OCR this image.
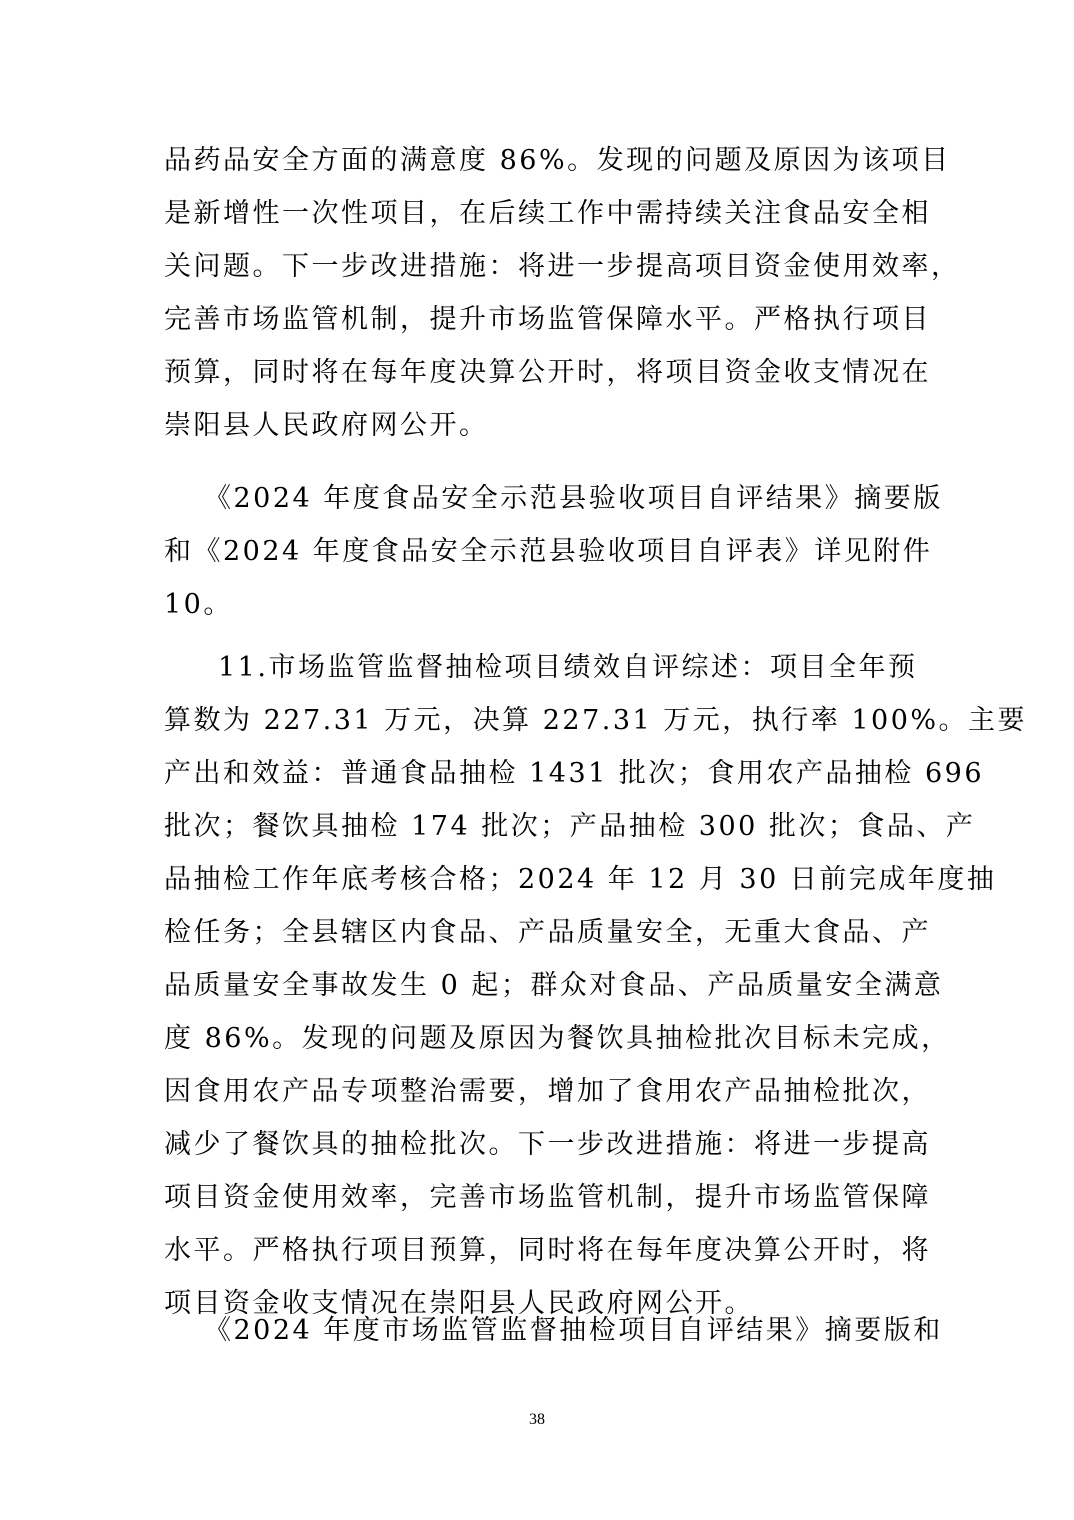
品药品安全方面的满意度 86%。发现的问题及原因为该项目
是新增性一次性项目，在后续工作中需持续关注食品安全相
关问题。下一步改进措施：将进一步提高项目资金使用效率，
完善市场监管机制，提升市场监管保障水平。严格执行项目
预算，同时将在每年度决算公开时，将项目资金收支情况在
崇阳县人民政府网公开。
《2024 年度食品安全示范县验收项目自评结果》摘要版
和《2024 年度食品安全示范县验收项目自评表》详见附件
10。
11.市场监管监督抽检项目绩效自评综述：项目全年预
算数为 227.31 万元，决算 227.31 万元，执行率 100%。主要
产出和效益：普通食品抽检 1431 批次；食用农产品抽检 696
批次；餐饮具抽检 174 批次；产品抽检 300 批次；食品、产
品抽检工作年底考核合格；2024 年 12 月 30 日前完成年度抽
检任务；全县辖区内食品、产品质量安全，无重大食品、产
品质量安全事故发生 0 起；群众对食品、产品质量安全满意
度 86%。发现的问题及原因为餐饮具抽检批次目标未完成，
因食用农产品专项整治需要，增加了食用农产品抽检批次，
减少了餐饮具的抽检批次。下一步改进措施：将进一步提高
项目资金使用效率，完善市场监管机制，提升市场监管保障
水平。严格执行项目预算，同时将在每年度决算公开时，将
项目资金收支情况在崇阳县人民政府网公开。
《2024 年度市场监管监督抽检项目自评结果》摘要版和
38
